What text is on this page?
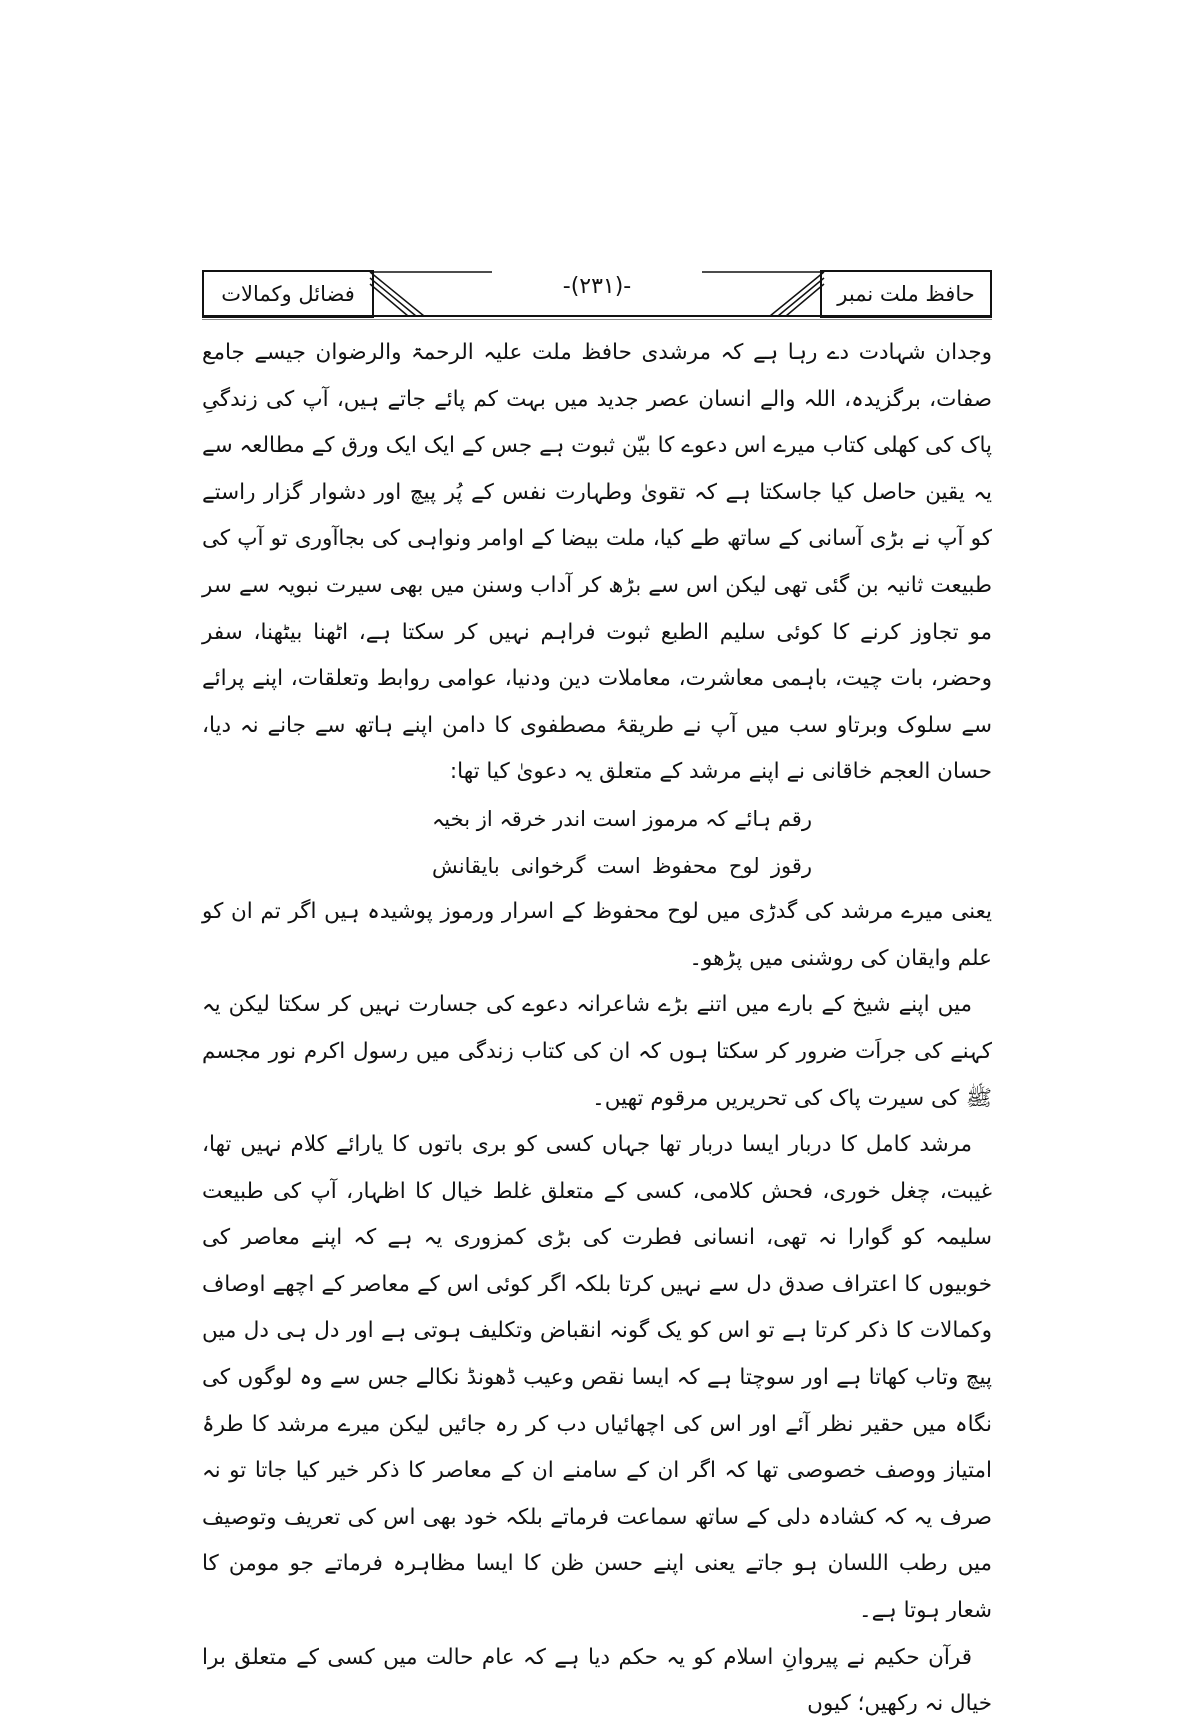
حافظ ملت نمبر
-(۲۳۱)-
فضائل وکمالات

وجدان شہادت دے رہا ہے کہ مرشدی حافظ ملت علیہ الرحمۃ والرضوان جیسے جامع صفات، برگزیدہ، اللہ والے انسان عصر جدید میں بہت کم پائے جاتے ہیں، آپ کی زندگیِ پاک کی کھلی کتاب میرے اس دعوے کا بیّن ثبوت ہے جس کے ایک ایک ورق کے مطالعہ سے یہ یقین حاصل کیا جاسکتا ہے کہ تقویٰ وطہارت نفس کے پُر پیچ اور دشوار گزار راستے کو آپ نے بڑی آسانی کے ساتھ طے کیا، ملت بیضا کے اوامر ونواہی کی بجاآوری تو آپ کی طبیعت ثانیہ بن گئی تھی لیکن اس سے بڑھ کر آداب وسنن میں بھی سیرت نبویہ سے سر مو تجاوز کرنے کا کوئی سلیم الطبع ثبوت فراہم نہیں کر سکتا ہے، اٹھنا بیٹھنا، سفر وحضر، بات چیت، باہمی معاشرت، معاملات دین ودنیا، عوامی روابط وتعلقات، اپنے پرائے سے سلوک وبرتاو سب میں آپ نے طریقۂ مصطفوی کا دامن اپنے ہاتھ سے جانے نہ دیا، حسان العجم خاقانی نے اپنے مرشد کے متعلق یہ دعویٰ کیا تھا:

رقم ہائے کہ مرموز است اندر خرقہ از بخیہ
رقوز لوح محفوظ است گرخوانی بایقانش

یعنی میرے مرشد کی گدڑی میں لوح محفوظ کے اسرار ورموز پوشیدہ ہیں اگر تم ان کو علم وایقان کی روشنی میں پڑھو۔

میں اپنے شیخ کے بارے میں اتنے بڑے شاعرانہ دعوے کی جسارت نہیں کر سکتا لیکن یہ کہنے کی جراَت ضرور کر سکتا ہوں کہ ان کی کتاب زندگی میں رسول اکرم نور مجسم ﷺ کی سیرت پاک کی تحریریں مرقوم تھیں۔

مرشد کامل کا دربار ایسا دربار تھا جہاں کسی کو بری باتوں کا یارائے کلام نہیں تھا، غیبت، چغل خوری، فحش کلامی، کسی کے متعلق غلط خیال کا اظہار، آپ کی طبیعت سلیمہ کو گوارا نہ تھی، انسانی فطرت کی بڑی کمزوری یہ ہے کہ اپنے معاصر کی خوبیوں کا اعتراف صدق دل سے نہیں کرتا بلکہ اگر کوئی اس کے معاصر کے اچھے اوصاف وکمالات کا ذکر کرتا ہے تو اس کو یک گونہ انقباض وتکلیف ہوتی ہے اور دل ہی دل میں پیچ وتاب کھاتا ہے اور سوچتا ہے کہ ایسا نقص وعیب ڈھونڈ نکالے جس سے وہ لوگوں کی نگاہ میں حقیر نظر آئے اور اس کی اچھائیاں دب کر رہ جائیں لیکن میرے مرشد کا طرۂ امتیاز ووصف خصوصی تھا کہ اگر ان کے سامنے ان کے معاصر کا ذکر خیر کیا جاتا تو نہ صرف یہ کہ کشادہ دلی کے ساتھ سماعت فرماتے بلکہ خود بھی اس کی تعریف وتوصیف میں رطب اللسان ہو جاتے یعنی اپنے حسن ظن کا ایسا مظاہرہ فرماتے جو مومن کا شعار ہوتا ہے۔

قرآن حکیم نے پیروانِ اسلام کو یہ حکم دیا ہے کہ عام حالت میں کسی کے متعلق برا خیال نہ رکھیں؛ کیوں
